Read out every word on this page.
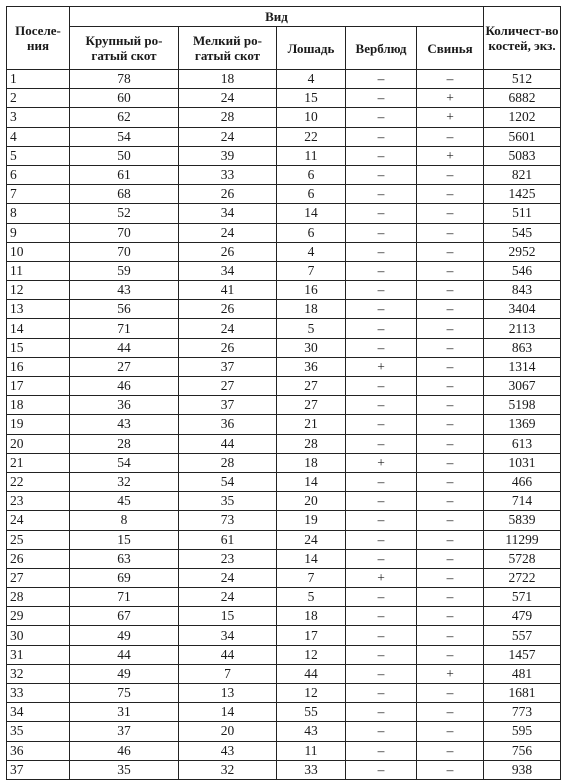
Поселе-ния	Вид					Количест-во костей, экз.
	Крупный ро-гатый скот	Мелкий ро-гатый скот	Лошадь	Верблюд	Свинья	
1	78	18	4	–	–	512
2	60	24	15	–	+	6882
3	62	28	10	–	+	1202
4	54	24	22	–	–	5601
5	50	39	11	–	+	5083
6	61	33	6	–	–	821
7	68	26	6	–	–	1425
8	52	34	14	–	–	511
9	70	24	6	–	–	545
10	70	26	4	–	–	2952
11	59	34	7	–	–	546
12	43	41	16	–	–	843
13	56	26	18	–	–	3404
14	71	24	5	–	–	2113
15	44	26	30	–	–	863
16	27	37	36	+	–	1314
17	46	27	27	–	–	3067
18	36	37	27	–	–	5198
19	43	36	21	–	–	1369
20	28	44	28	–	–	613
21	54	28	18	+	–	1031
22	32	54	14	–	–	466
23	45	35	20	–	–	714
24	8	73	19	–	–	5839
25	15	61	24	–	–	11299
26	63	23	14	–	–	5728
27	69	24	7	+	–	2722
28	71	24	5	–	–	571
29	67	15	18	–	–	479
30	49	34	17	–	–	557
31	44	44	12	–	–	1457
32	49	7	44	–	+	481
33	75	13	12	–	–	1681
34	31	14	55	–	–	773
35	37	20	43	–	–	595
36	46	43	11	–	–	756
37	35	32	33	–	–	938
